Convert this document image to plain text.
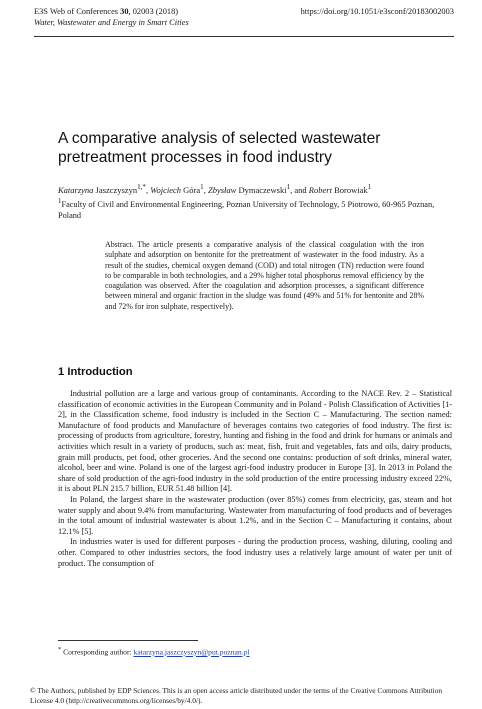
E3S Web of Conferences 30, 02003 (2018)	https://doi.org/10.1051/e3sconf/20183002003
Water, Wastewater and Energy in Smart Cities
A comparative analysis of selected wastewater pretreatment processes in food industry
Katarzyna Jaszczyszyn$^{1,*}$, Wojciech Góra$^1$, Zbysław Dymaczewski$^1$, and Robert Borowiak$^1$
$^1$Faculty of Civil and Environmental Engineering, Poznan University of Technology, 5 Piotrowo, 60-965 Poznan, Poland
Abstract. The article presents a comparative analysis of the classical coagulation with the iron sulphate and adsorption on bentonite for the pretreatment of wastewater in the food industry. As a result of the studies, chemical oxygen demand (COD) and total nitrogen (TN) reduction were found to be comparable in both technologies, and a 29% higher total phosphorus removal efficiency by the coagulation was observed. After the coagulation and adsorption processes, a significant difference between mineral and organic fraction in the sludge was found (49% and 51% for bentonite and 28% and 72% for iron sulphate, respectively).
1 Introduction

Industrial pollution are a large and various group of contaminants. According to the NACE Rev. 2 – Statistical classification of economic activities in the European Community and in Poland - Polish Classification of Activities [1-2], in the Classification scheme, food industry is included in the Section C – Manufacturing. The section named: Manufacture of food products and Manufacture of beverages contains two categories of food industry. The first is: processing of products from agriculture, forestry, hunting and fishing in the food and drink for humans or animals and activities which result in a variety of products, such as: meat, fish, fruit and vegetables, fats and oils, dairy products, grain mill products, pet food, other groceries. And the second one contains: production of soft drinks, mineral water, alcohol, beer and wine. Poland is one of the largest agri-food industry producer in Europe [3]. In 2013 in Poland the share of sold production of the agri-food industry in the sold production of the entire processing industry exceed 22%, it is about PLN 215.7 billion, EUR 51.48 billion [4].

In Poland, the largest share in the wastewater production (over 85%) comes from electricity, gas, steam and hot water supply and about 9.4% from manufacturing. Wastewater from manufacturing of food products and of beverages in the total amount of industrial wastewater is about 1.2%, and in the Section C – Manufacturing it contains, about 12.1% [5].

In industries water is used for different purposes - during the production process, washing, diluting, cooling and other. Compared to other industries sectors, the food industry uses a relatively large amount of water per unit of product. The consumption of

* Corresponding author: katarzyna.jaszczyszyn@put.poznan.pl
© The Authors, published by EDP Sciences. This is an open access article distributed under the terms of the Creative Commons Attribution License 4.0 (http://creativecommons.org/licenses/by/4.0/).
